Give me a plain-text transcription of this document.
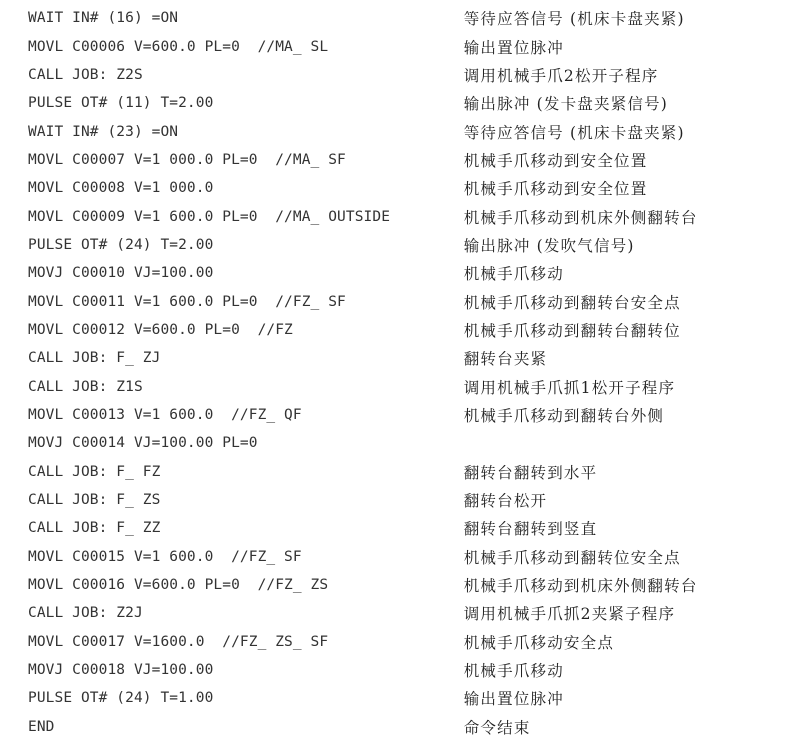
WAIT IN# (16) =ON	等待应答信号 (机床卡盘夹紧)
MOVL C00006 V=600.0 PL=0  //MA_ SL	输出置位脉冲
CALL JOB: Z2S	调用机械手爪2松开子程序
PULSE OT# (11) T=2.00	输出脉冲 (发卡盘夹紧信号)
WAIT IN# (23) =ON	等待应答信号 (机床卡盘夹紧)
MOVL C00007 V=1 000.0 PL=0  //MA_ SF	机械手爪移动到安全位置
MOVL C00008 V=1 000.0	机械手爪移动到安全位置
MOVL C00009 V=1 600.0 PL=0  //MA_ OUTSIDE	机械手爪移动到机床外侧翻转台
PULSE OT# (24) T=2.00	输出脉冲 (发吹气信号)
MOVJ C00010 VJ=100.00	机械手爪移动
MOVL C00011 V=1 600.0 PL=0  //FZ_ SF	机械手爪移动到翻转台安全点
MOVL C00012 V=600.0 PL=0  //FZ	机械手爪移动到翻转台翻转位
CALL JOB: F_ ZJ	翻转台夹紧
CALL JOB: Z1S	调用机械手爪抓1松开子程序
MOVL C00013 V=1 600.0  //FZ_ QF	机械手爪移动到翻转台外侧
MOVJ C00014 VJ=100.00 PL=0
CALL JOB: F_ FZ	翻转台翻转到水平
CALL JOB: F_ ZS	翻转台松开
CALL JOB: F_ ZZ	翻转台翻转到竖直
MOVL C00015 V=1 600.0  //FZ_ SF	机械手爪移动到翻转位安全点
MOVL C00016 V=600.0 PL=0  //FZ_ ZS	机械手爪移动到机床外侧翻转台
CALL JOB: Z2J	调用机械手爪抓2夹紧子程序
MOVL C00017 V=1600.0  //FZ_ ZS_ SF	机械手爪移动安全点
MOVJ C00018 VJ=100.00	机械手爪移动
PULSE OT# (24) T=1.00	输出置位脉冲
END	命令结束
